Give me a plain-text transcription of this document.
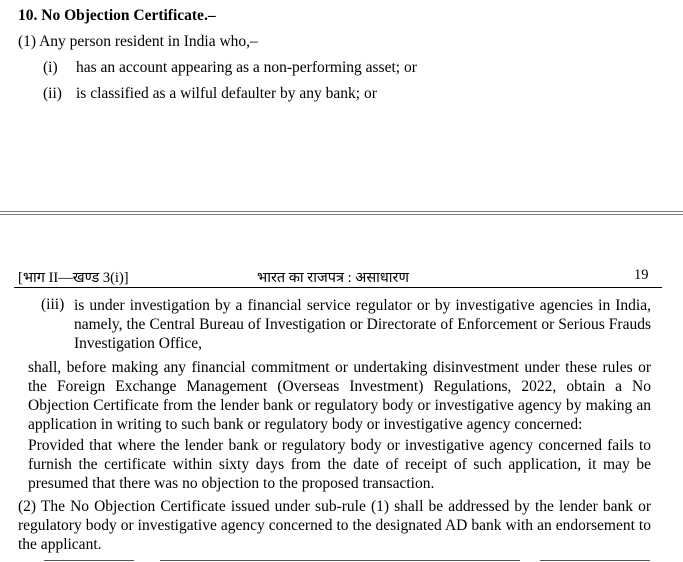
10. No Objection Certificate.–
(1) Any person resident in India who,–
(i) has an account appearing as a non-performing asset; or
(ii) is classified as a wilful defaulter by any bank; or
[भाग II—खण्ड 3(i)]	भारत का राजपत्र : असाधारण	19
(iii) is under investigation by a financial service regulator or by investigative agencies in India,
namely, the Central Bureau of Investigation or Directorate of Enforcement or Serious Frauds Investigation Office,
shall, before making any financial commitment or undertaking disinvestment under these rules or the Foreign Exchange Management (Overseas Investment) Regulations, 2022, obtain a No Objection Certificate from the lender bank or regulatory body or investigative agency by making an application in writing to such bank or regulatory body or investigative agency concerned:
Provided that where the lender bank or regulatory body or investigative agency concerned fails to furnish the certificate within sixty days from the date of receipt of such application, it may be presumed that there was no objection to the proposed transaction.
(2) The No Objection Certificate issued under sub-rule (1) shall be addressed by the lender bank or regulatory body or investigative agency concerned to the designated AD bank with an endorsement to the applicant.
